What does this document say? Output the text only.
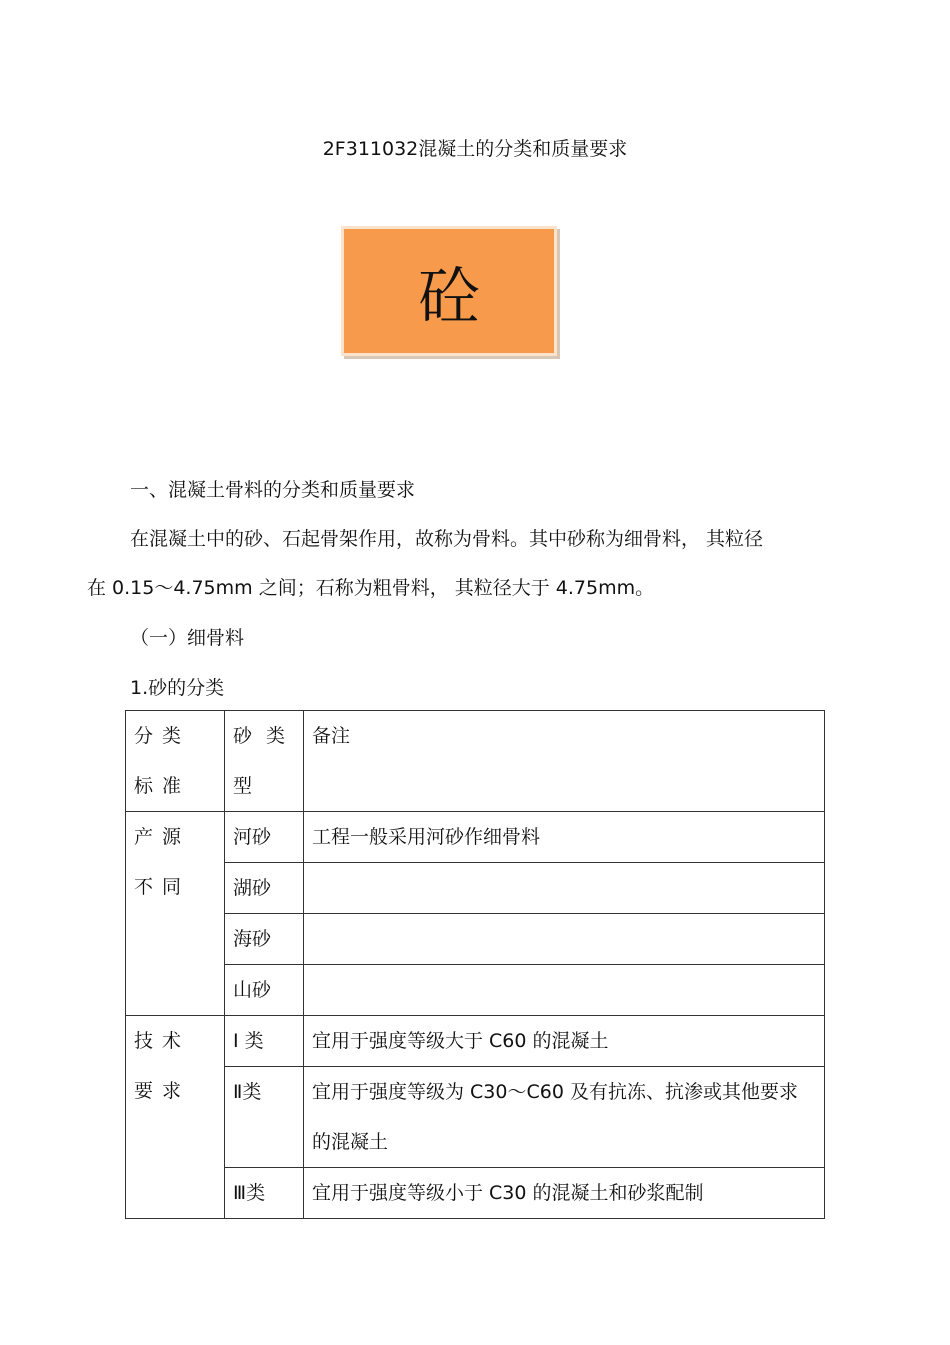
2F311032混凝土的分类和质量要求
砼
一、混凝土骨料的分类和质量要求
在混凝土中的砂、石起骨架作用，故称为骨料。其中砂称为细骨料， 其粒径
在 0.15～4.75mm 之间；石称为粗骨料， 其粒径大于 4.75mm。
（一）细骨料
1.砂的分类
分类标准	砂 类 型	备注

产源不同	河砂	工程一般采用河砂作细骨料

	湖砂	

	海砂	

	山砂	

技术要求	I 类	宜用于强度等级大于 C60 的混凝土

	Ⅱ类	宜用于强度等级为 C30～C60 及有抗冻、抗渗或其他要求的混凝土

	Ⅲ类	宜用于强度等级小于 C30 的混凝土和砂浆配制
